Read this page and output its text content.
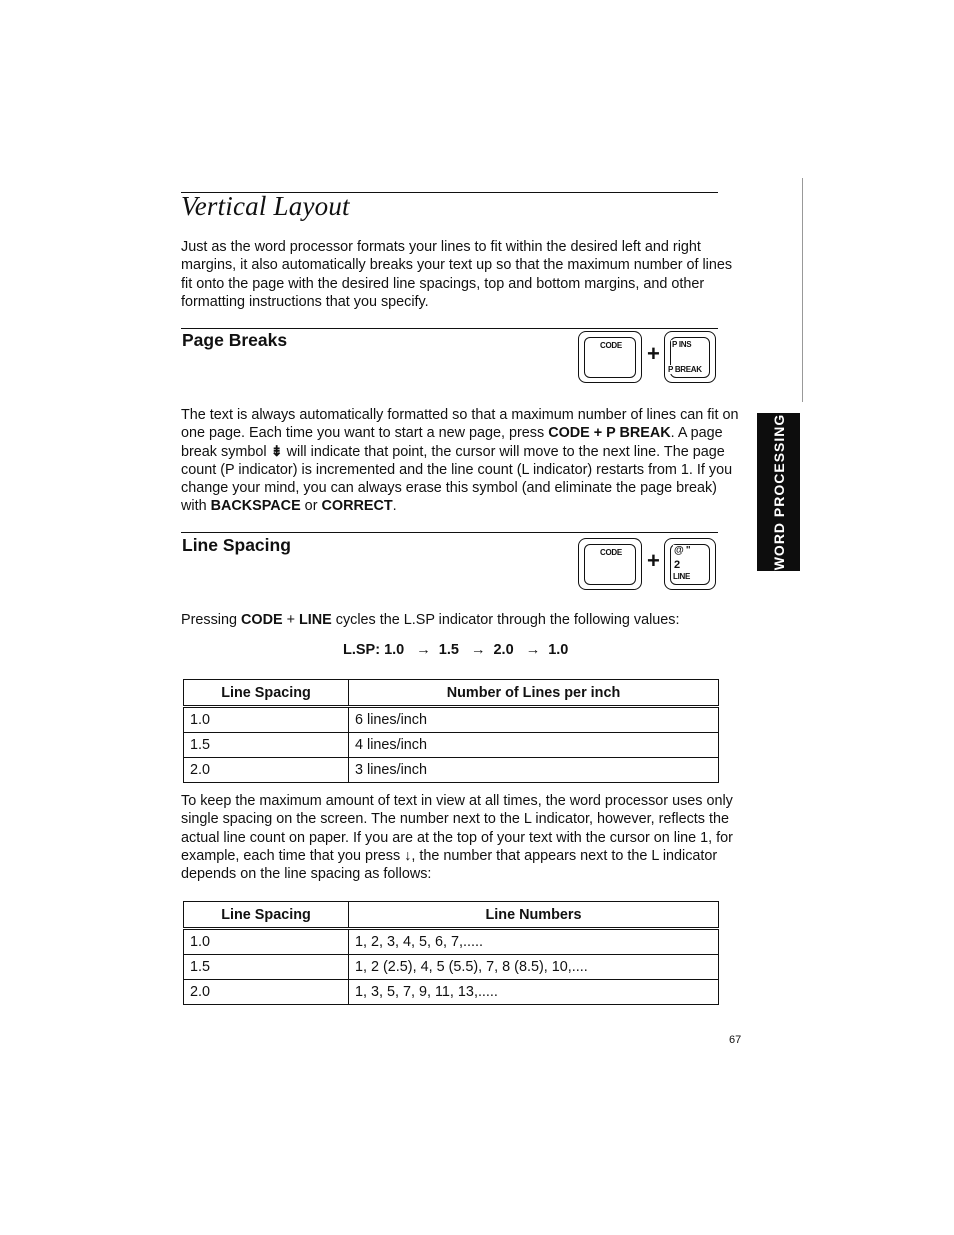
Vertical Layout

Just as the word processor formats your lines to fit within the desired left and right margins, it also automatically breaks your text up so that the maximum number of lines fit onto the page with the desired line spacings, top and bottom margins, and other formatting instructions that you specify.

Page Breaks	CODE + P INS
P BREAK

The text is always automatically formatted so that a maximum number of lines can fit on one page. Each time you want to start a new page, press CODE + P BREAK. A page break symbol ⇟ will indicate that point, the cursor will move to the next line. The page count (P indicator) is incremented and the line count (L indicator) restarts from 1. If you change your mind, you can always erase this symbol (and eliminate the page break) with BACKSPACE or CORRECT.

Line Spacing	CODE + @ "
2
LINE

Pressing CODE + LINE cycles the L.SP indicator through the following values:

L.SP: 1.0 → 1.5 → 2.0 → 1.0
Line Spacing	Number of Lines per inch
1.0	6 lines/inch
1.5	4 lines/inch
2.0	3 lines/inch

To keep the maximum amount of text in view at all times, the word processor uses only single spacing on the screen. The number next to the L indicator, however, reflects the actual line count on paper. If you are at the top of your text with the cursor on line 1, for example, each time that you press ↓, the number that appears next to the L indicator depends on the line spacing as follows:

Line Spacing	Line Numbers
1.0	1, 2, 3, 4, 5, 6, 7,.....
1.5	1, 2 (2.5), 4, 5 (5.5), 7, 8 (8.5), 10,....
2.0	1, 3, 5, 7, 9, 11, 13,.....
WORD PROCESSING
67
